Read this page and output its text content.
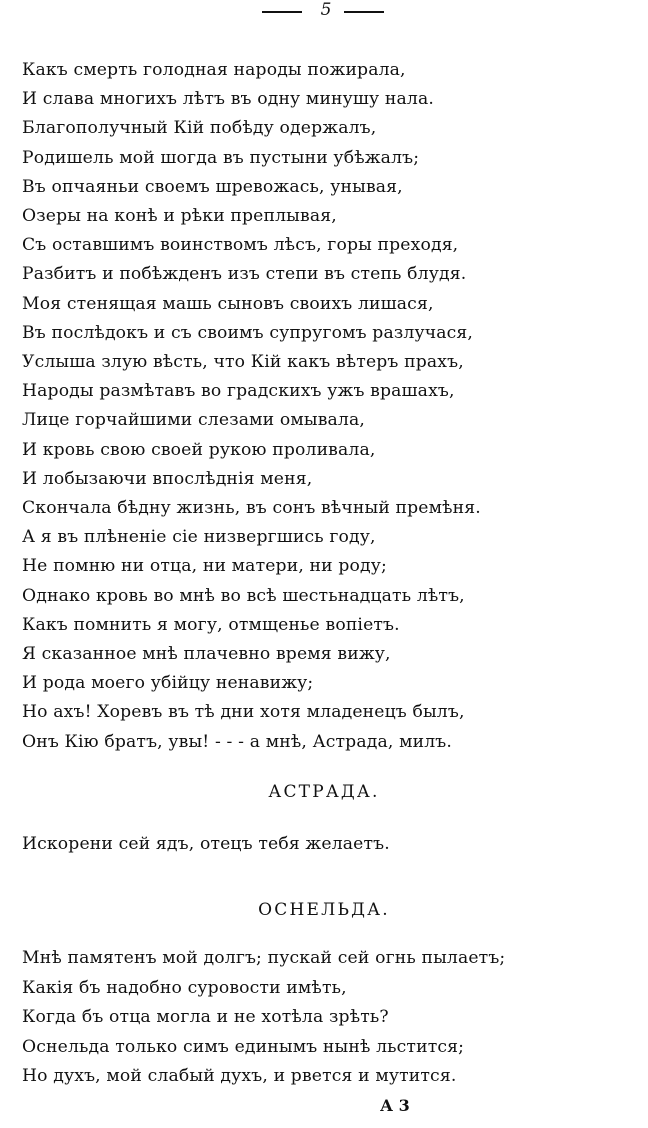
5
Какъ смерть голодная народы пожирала,
И слава многихъ лѣтъ въ одну минушу нала.
Благополучный Кій побѣду одержалъ,
Родишель мой шогда въ пустыни убѣжалъ;
Въ опчаяньи своемъ шревожась, унывая,
Озеры на конѣ и рѣки преплывая,
Съ оставшимъ воинствомъ лѣсъ, горы преходя,
Разбитъ и побѣжденъ изъ степи въ степь блудя.
Моя стенящая машь сыновъ своихъ лишася,
Въ послѣдокъ и съ своимъ супругомъ разлучася,
Услыша злую вѣсть, что Кій какъ вѣтеръ прахъ,
Народы размѣтавъ во градскихъ ужъ врашахъ,
Лице горчайшими слезами омывала,
И кровь свою своей рукою проливала,
И лобызаючи впослѣднія меня,
Скончала бѣдну жизнь, въ сонъ вѣчный премѣня.
А я въ плѣненіе сіе низвергшись году,
Не помню ни отца, ни матери, ни роду;
Однако кровь во мнѣ во всѣ шестьнадцать лѣтъ,
Какъ помнить я могу, отмщенье вопіетъ.
Я сказанное мнѣ плачевно время вижу,
И рода моего убійцу ненавижу;
Но ахъ! Хоревъ въ тѣ дни хотя младенецъ былъ,
Онъ Кію братъ, увы! - - - а мнѣ, Астрада, милъ.
АСТРАДА.
Искорени сей ядъ, отецъ тебя желаетъ.
ОСНЕЛЬДА.
Мнѣ памятенъ мой долгъ; пускай сей огнь пылаетъ;
Какія бъ надобно суровости имѣть,
Когда бъ отца могла и не хотѣла зрѣть?
Оснельда только симъ единымъ нынѣ льстится;
Но духъ, мой слабый духъ, и рвется и мутится.
А 3
